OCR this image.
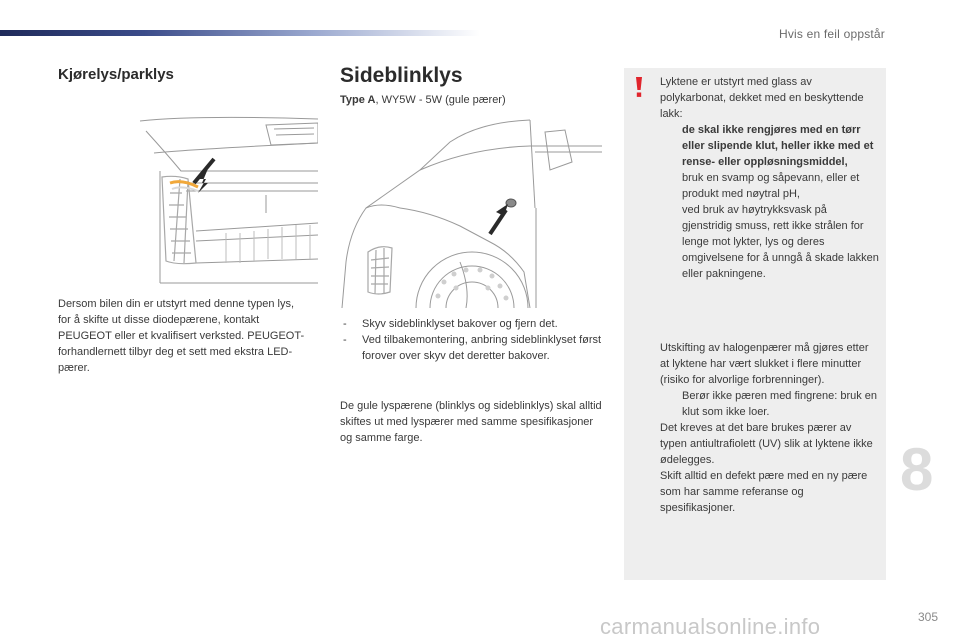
Hvis en feil oppstår
Kjørelys/parklys

Dersom bilen din er utstyrt med denne typen lys, for å skifte ut disse diodepærene, kontakt PEUGEOT eller et kvalifisert verksted. PEUGEOT- forhandlernett tilbyr deg et sett med ekstra LED-pærer.

Sideblinklys
Type A, WY5W - 5W (gule pærer)
- Skyv sideblinklyset bakover og fjern det.
- Ved tilbakemontering, anbring sideblinklyset først forover over skyv det deretter bakover.

De gule lyspærene (blinklys og sideblinklys) skal alltid skiftes ut med lyspærer med samme spesifikasjoner og samme farge.

Lyktene er utstyrt med glass av polykarbonat, dekket med en beskyttende lakk:
de skal ikke rengjøres med en tørr eller slipende klut, heller ikke med et rense- eller oppløsningsmiddel,
bruk en svamp og såpevann, eller et produkt med nøytral pH,
ved bruk av høytrykksvask på gjenstridig smuss, rett ikke strålen for lenge mot lykter, lys og deres omgivelsene for å unngå å skade lakken eller pakningene.
Utskifting av halogenpærer må gjøres etter at lyktene har vært slukket i flere minutter (risiko for alvorlige forbrenninger).
Berør ikke pæren med fingrene: bruk en klut som ikke loer.
Det kreves at det bare brukes pærer av typen antiultrafiolett (UV) slik at lyktene ikke ødelegges.
Skift alltid en defekt pære med en ny pære som har samme referanse og spesifikasjoner.
8
carmanualsonline.info	305
